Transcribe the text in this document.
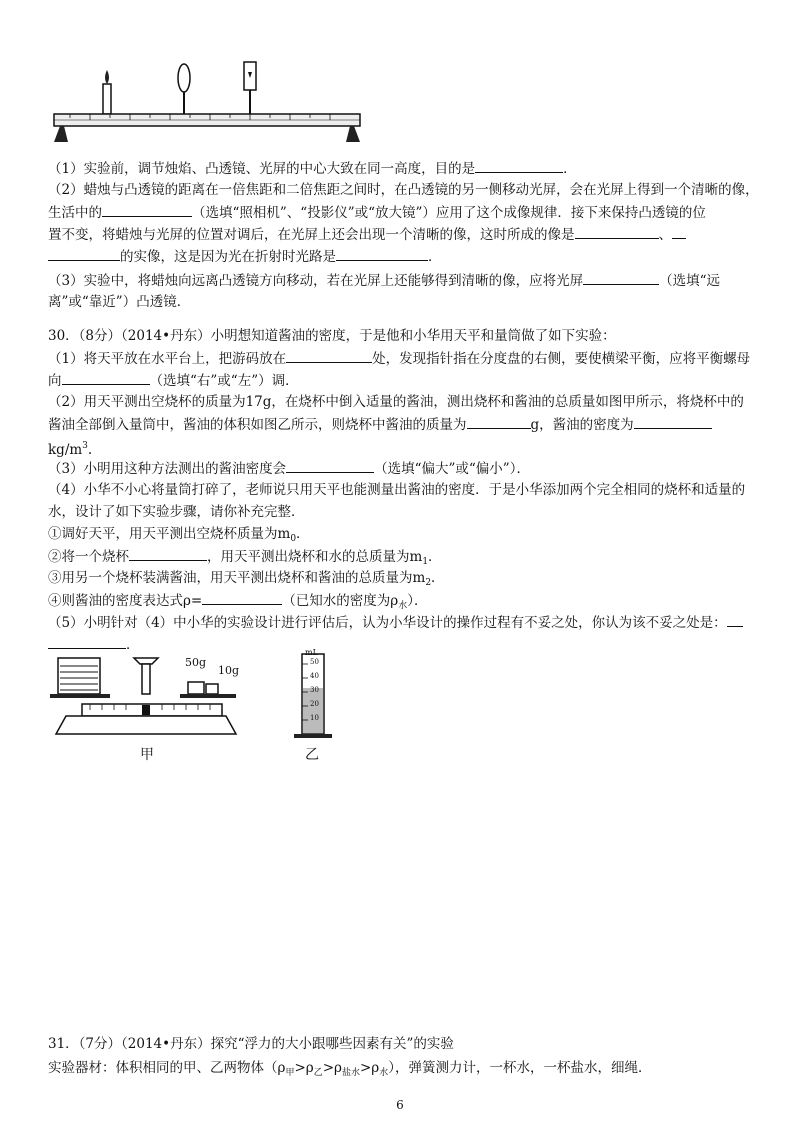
（1）实验前，调节烛焰、凸透镜、光屏的中心大致在同一高度，目的是	．
（2）蜡烛与凸透镜的距离在一倍焦距和二倍焦距之间时，在凸透镜的另一侧移动光屏，会在光屏上得到一个清晰的像，
生活中的	（选填“照相机”、“投影仪”或“放大镜”）应用了这个成像规律．接下来保持凸透镜的位
置不变，将蜡烛与光屏的位置对调后，在光屏上还会出现一个清晰的像，这时所成的像是	、
的实像，这是因为光在折射时光路是	．
（3）实验中，将蜡烛向远离凸透镜方向移动，若在光屏上还能够得到清晰的像，应将光屏	（选填“远
离”或“靠近”）凸透镜．
30．（8分）（2014•丹东）小明想知道酱油的密度，于是他和小华用天平和量筒做了如下实验：
（1）将天平放在水平台上，把游码放在	处，发现指针指在分度盘的右侧，要使横梁平衡，应将平衡螺母
向	（选填“右”或“左”）调．
（2）用天平测出空烧杯的质量为17g，在烧杯中倒入适量的酱油，测出烧杯和酱油的总质量如图甲所示，将烧杯中的
酱油全部倒入量筒中，酱油的体积如图乙所示，则烧杯中酱油的质量为	g，酱油的密度为
$kg/m^3$.
（3）小明用这种方法测出的酱油密度会	（选填“偏大”或“偏小”）．
（4）小华不小心将量筒打碎了，老师说只用天平也能测量出酱油的密度．于是小华添加两个完全相同的烧杯和适量的
水，设计了如下实验步骤，请你补充完整．
①调好天平，用天平测出空烧杯质量为$m_0$．
②将一个烧杯	，用天平测出烧杯和水的总质量为$m_1$．
③用另一个烧杯装满酱油，用天平测出烧杯和酱油的总质量为$m_2$．
④则酱油的密度表达式ρ=	（已知水的密度为$\rho_水$）．
（5）小明针对（4）中小华的实验设计进行评估后，认为小华设计的操作过程有不妥之处，你认为该不妥之处是：
．
50g
10g
甲
mL
50
40
30
20
10
乙
31．（7分）（2014•丹东）探究“浮力的大小跟哪些因素有关”的实验
实验器材：体积相同的甲、乙两物体$(\rho_甲>\rho_乙>\rho_{盐水}>\rho_水)$，弹簧测力计，一杯水，一杯盐水，细绳．
6
